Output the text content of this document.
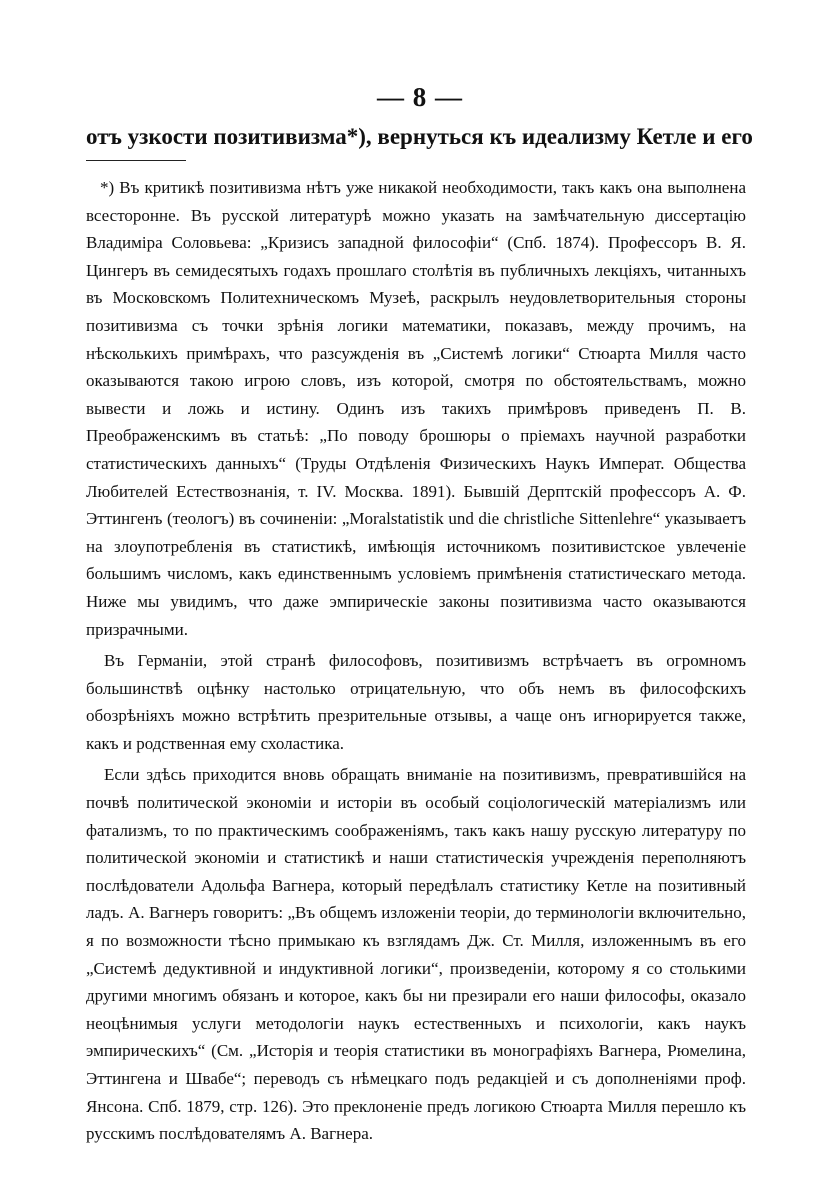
— 8 —
отъ узкости позитивизма*), вернуться къ идеализму Кетле и его

*) Въ критикѣ позитивизма нѣтъ уже никакой необходимости, такъ какъ она выполнена всесторонне. Въ русской литературѣ можно указать на замѣчательную диссертацію Владиміра Соловьева: „Кризисъ западной философіи“ (Спб. 1874). Профессоръ В. Я. Цингеръ въ семидесятыхъ годахъ прошлаго столѣтія въ публичныхъ лекціяхъ, читанныхъ въ Московскомъ Политехническомъ Музеѣ, раскрылъ неудовлетворительныя стороны позитивизма съ точки зрѣнія логики математики, показавъ, между прочимъ, на нѣсколькихъ примѣрахъ, что разсужденія въ „Системѣ логики“ Стюарта Милля часто оказываются такою игрою словъ, изъ которой, смотря по обстоятельствамъ, можно вывести и ложь и истину. Одинъ изъ такихъ примѣровъ приведенъ П. В. Преображенскимъ въ статьѣ: „По поводу брошюры о пріемахъ научной разработки статистическихъ данныхъ“ (Труды Отдѣленія Физическихъ Наукъ Императ. Общества Любителей Естествознанія, т. IV. Москва. 1891). Бывшій Дерптскій профессоръ А. Ф. Эттингенъ (теологъ) въ сочиненіи: „Moralstatistik und die christliche Sittenlehre“ указываетъ на злоупотребленія въ статистикѣ, имѣющія источникомъ позитивистское увлеченіе большимъ числомъ, какъ единственнымъ условіемъ примѣненія статистическаго метода. Ниже мы увидимъ, что даже эмпирическіе законы позитивизма часто оказываются призрачными.

Въ Германіи, этой странѣ философовъ, позитивизмъ встрѣчаетъ въ огромномъ большинствѣ оцѣнку настолько отрицательную, что объ немъ въ философскихъ обозрѣніяхъ можно встрѣтить презрительные отзывы, а чаще онъ игнорируется также, какъ и родственная ему схоластика.

Если здѣсь приходится вновь обращать вниманіе на позитивизмъ, превратившійся на почвѣ политической экономіи и исторіи въ особый соціологическій матеріализмъ или фатализмъ, то по практическимъ соображеніямъ, такъ какъ нашу русскую литературу по политической экономіи и статистикѣ и наши статистическія учрежденія переполняютъ послѣдователи Адольфа Вагнера, который передѣлалъ статистику Кетле на позитивный ладъ. А. Вагнеръ говоритъ: „Въ общемъ изложеніи теоріи, до терминологіи включительно, я по возможности тѣсно примыкаю къ взглядамъ Дж. Ст. Милля, изложеннымъ въ его „Системѣ дедуктивной и индуктивной логики“, произведеніи, которому я со столькими другими многимъ обязанъ и которое, какъ бы ни презирали его наши философы, оказало неоцѣнимыя услуги методологіи наукъ естественныхъ и психологіи, какъ наукъ эмпирическихъ“ (См. „Исторія и теорія статистики въ монографіяхъ Вагнера, Рюмелина, Эттингена и Швабе“; переводъ съ нѣмецкаго подъ редакціей и съ дополненіями проф. Янсона. Спб. 1879, стр. 126). Это преклоненіе предъ логикою Стюарта Милля перешло къ русскимъ послѣдователямъ А. Вагнера.
